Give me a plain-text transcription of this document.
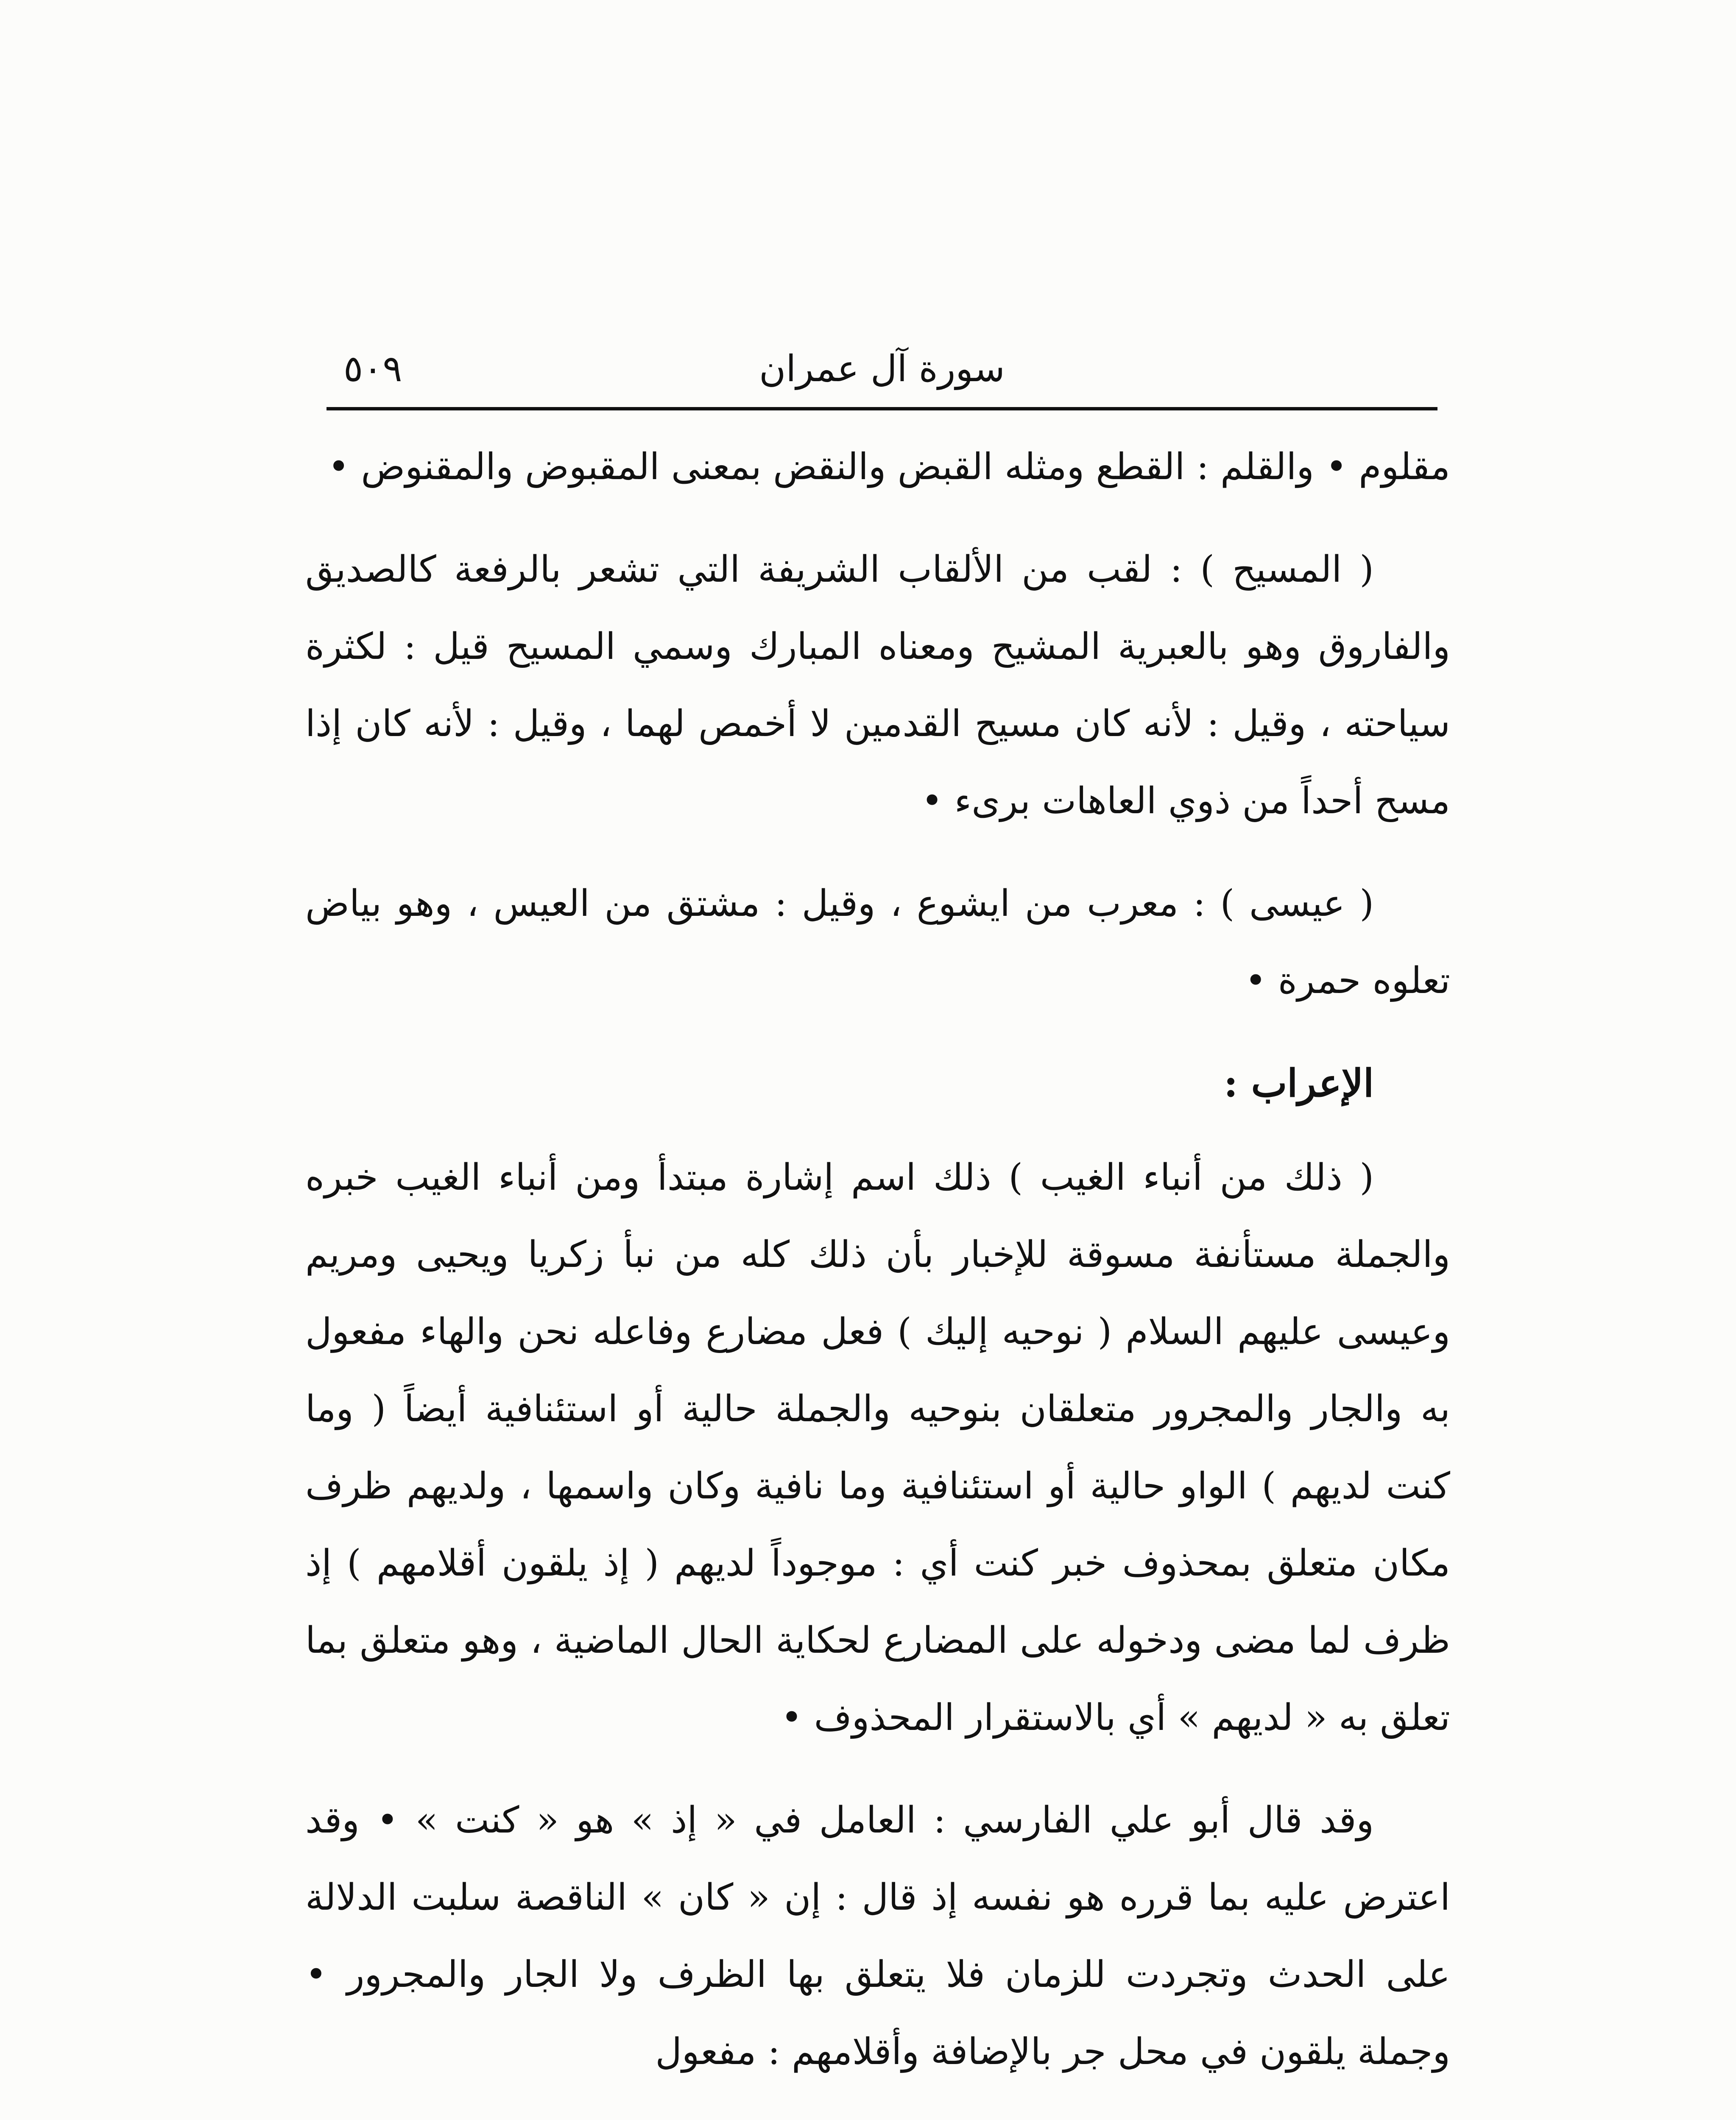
سورة آل عمران
٥٠٩

مقلوم • والقلم : القطع ومثله القبض والنقض بمعنى المقبوض والمقنوض •

( المسيح ) : لقب من الألقاب الشريفة التي تشعر بالرفعة كالصديق والفاروق وهو بالعبرية المشيح ومعناه المبارك وسمي المسيح قيل : لكثرة سياحته ، وقيل : لأنه كان مسيح القدمين لا أخمص لهما ، وقيل : لأنه كان إذا مسح أحداً من ذوي العاهات برىء •

( عيسى ) : معرب من ايشوع ، وقيل : مشتق من العيس ، وهو بياض تعلوه حمرة •

الإعراب :

( ذلك من أنباء الغيب ) ذلك اسم إشارة مبتدأ ومن أنباء الغيب خبره والجملة مستأنفة مسوقة للإخبار بأن ذلك كله من نبأ زكريا ويحيى ومريم وعيسى عليهم السلام ( نوحيه إليك ) فعل مضارع وفاعله نحن والهاء مفعول به والجار والمجرور متعلقان بنوحيه والجملة حالية أو استئنافية أيضاً ( وما كنت لديهم ) الواو حالية أو استئنافية وما نافية وكان واسمها ، ولديهم ظرف مكان متعلق بمحذوف خبر كنت أي : موجوداً لديهم ( إذ يلقون أقلامهم ) إذ ظرف لما مضى ودخوله على المضارع لحكاية الحال الماضية ، وهو متعلق بما تعلق به « لديهم » أي بالاستقرار المحذوف •

وقد قال أبو علي الفارسي : العامل في « إذ » هو « كنت » • وقد اعترض عليه بما قرره هو نفسه إذ قال : إن « كان » الناقصة سلبت الدلالة على الحدث وتجردت للزمان فلا يتعلق بها الظرف ولا الجار والمجرور • وجملة يلقون في محل جر بالإضافة وأقلامهم : مفعول
